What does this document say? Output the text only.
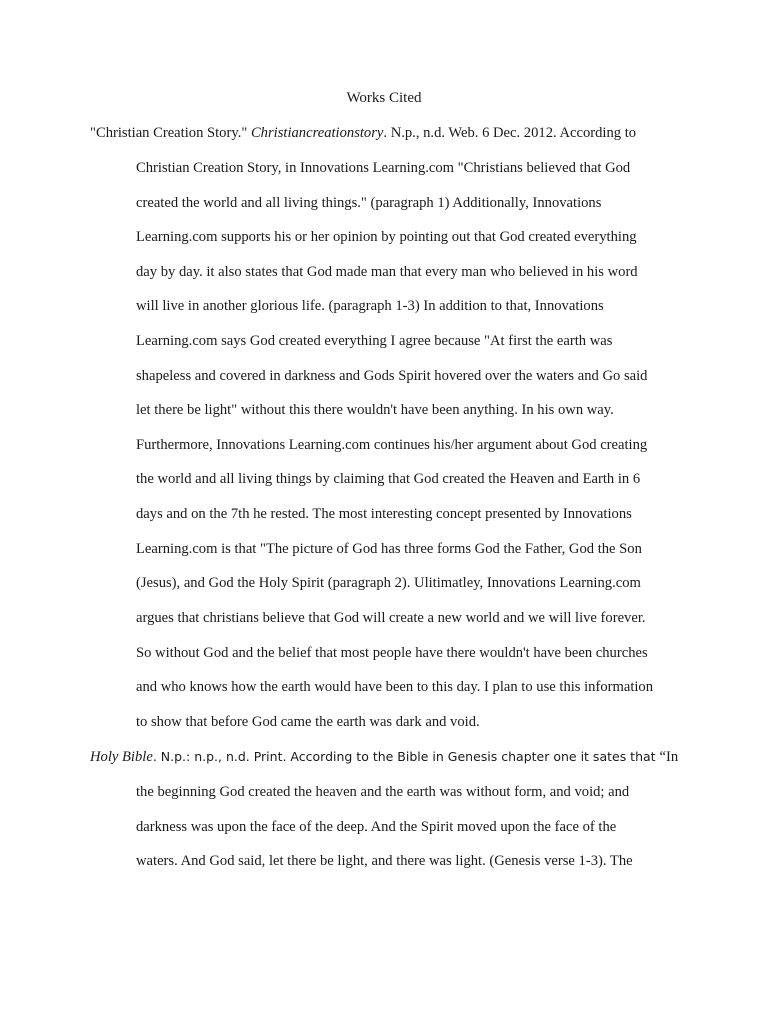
Works Cited
"Christian Creation Story." Christiancreationstory. N.p., n.d. Web. 6 Dec. 2012. According to
Christian Creation Story, in Innovations Learning.com "Christians believed that God
created the world and all living things." (paragraph 1) Additionally, Innovations
Learning.com supports his or her opinion by pointing out that God created everything
day by day. it also states that God made man that every man who believed in his word
will live in another glorious life. (paragraph 1-3) In addition to that, Innovations
Learning.com says God created everything I agree because "At first the earth was
shapeless and covered in darkness and Gods Spirit hovered over the waters and Go said
let there be light" without this there wouldn't have been anything. In his own way.
Furthermore, Innovations Learning.com continues his/her argument about God creating
the world and all living things by claiming that God created the Heaven and Earth in 6
days and on the 7th he rested. The most interesting concept presented by Innovations
Learning.com is that "The picture of God has three forms God the Father, God the Son
(Jesus), and God the Holy Spirit (paragraph 2). Ulitimatley, Innovations Learning.com
argues that christians believe that God will create a new world and we will live forever.
So without God and the belief that most people have there wouldn't have been churches
and who knows how the earth would have been to this day. I plan to use this information
to show that before God came the earth was dark and void.
Holy Bible. N.p.: n.p., n.d. Print. According to the Bible in Genesis chapter one it sates that “In
the beginning God created the heaven and the earth was without form, and void; and
darkness was upon the face of the deep. And the Spirit moved upon the face of the
waters. And God said, let there be light, and there was light. (Genesis verse 1-3). The
